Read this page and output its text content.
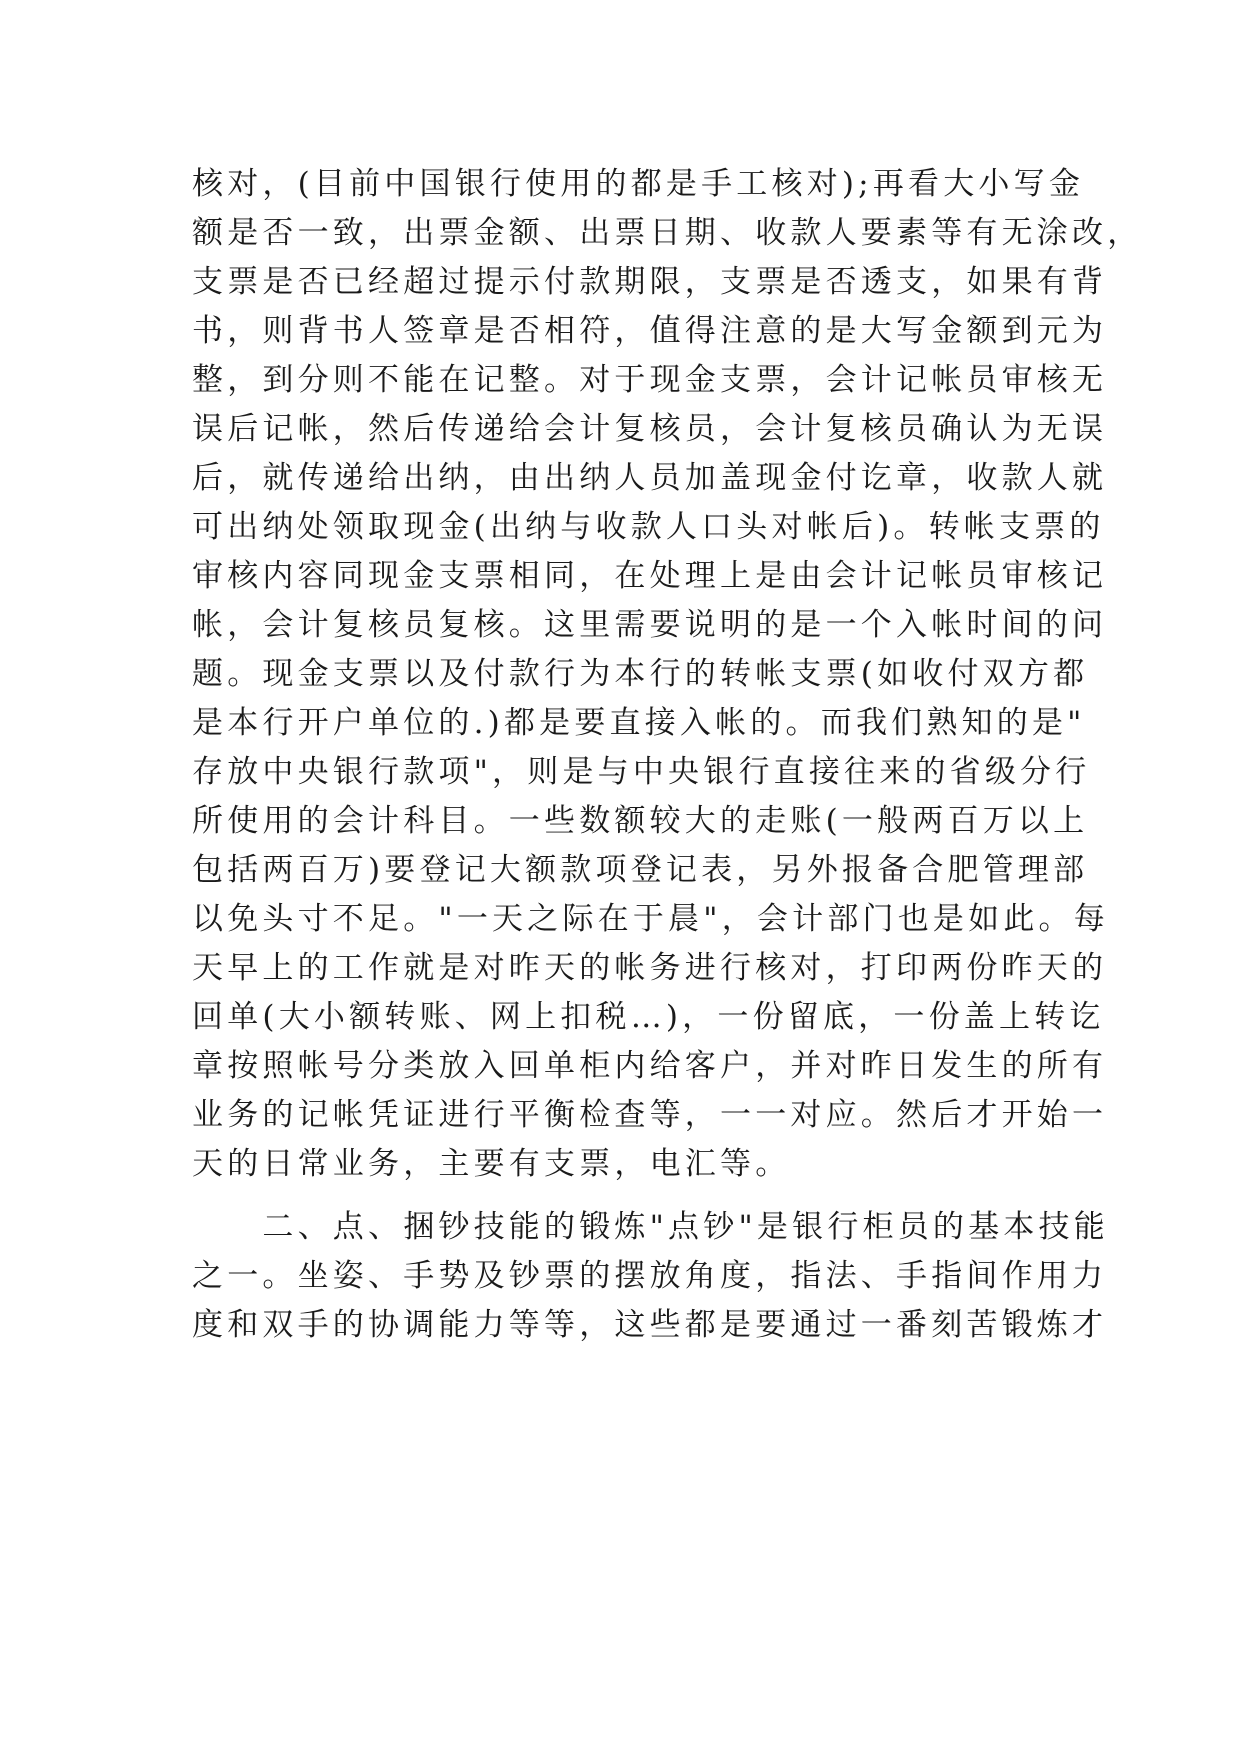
核对，(目前中国银行使用的都是手工核对);再看大小写金
额是否一致，出票金额、出票日期、收款人要素等有无涂改，
支票是否已经超过提示付款期限，支票是否透支，如果有背
书，则背书人签章是否相符，值得注意的是大写金额到元为
整，到分则不能在记整。对于现金支票，会计记帐员审核无
误后记帐，然后传递给会计复核员，会计复核员确认为无误
后，就传递给出纳，由出纳人员加盖现金付讫章，收款人就
可出纳处领取现金(出纳与收款人口头对帐后)。转帐支票的
审核内容同现金支票相同，在处理上是由会计记帐员审核记
帐，会计复核员复核。这里需要说明的是一个入帐时间的问
题。现金支票以及付款行为本行的转帐支票(如收付双方都
是本行开户单位的.)都是要直接入帐的。而我们熟知的是"
存放中央银行款项"，则是与中央银行直接往来的省级分行
所使用的会计科目。一些数额较大的走账(一般两百万以上
包括两百万)要登记大额款项登记表，另外报备合肥管理部
以免头寸不足。"一天之际在于晨"，会计部门也是如此。每
天早上的工作就是对昨天的帐务进行核对，打印两份昨天的
回单(大小额转账、网上扣税…)，一份留底，一份盖上转讫
章按照帐号分类放入回单柜内给客户，并对昨日发生的所有
业务的记帐凭证进行平衡检查等，一一对应。然后才开始一
天的日常业务，主要有支票，电汇等。
　　二、点、捆钞技能的锻炼"点钞"是银行柜员的基本技能
之一。坐姿、手势及钞票的摆放角度，指法、手指间作用力
度和双手的协调能力等等，这些都是要通过一番刻苦锻炼才
